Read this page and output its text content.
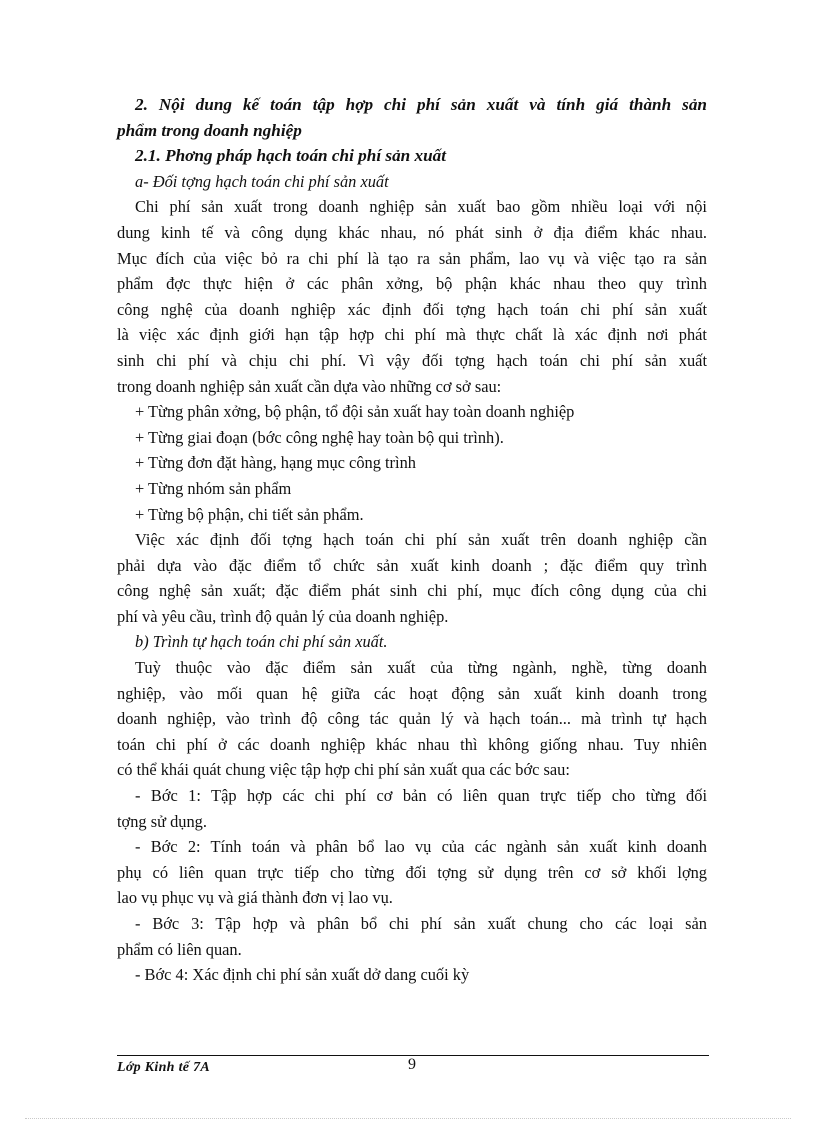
2. Nội dung kế toán tập hợp chi phí sản xuất và tính giá thành sản
phẩm trong doanh nghiệp
2.1. Phơng pháp hạch toán chi phí sản xuất
a- Đối tợng hạch toán chi phí sản xuất
Chi phí sản xuất trong doanh nghiệp sản xuất bao gồm nhiều loại với nội
dung kinh tế và công dụng khác nhau, nó phát sinh ở địa điểm khác nhau.
Mục đích của việc bỏ ra chi phí là tạo ra sản phẩm, lao vụ và việc tạo ra sản
phẩm đợc thực hiện ở các phân xởng, bộ phận khác nhau theo quy trình
công nghệ của doanh nghiệp xác định đối tợng hạch toán chi phí sản xuất
là việc xác định giới hạn tập hợp chi phí mà thực chất là xác định nơi phát
sinh chi phí và chịu chi phí. Vì vậy đối tợng hạch toán chi phí sản xuất
trong doanh nghiệp sản xuất cần dựa vào những cơ sở sau:
+ Từng phân xởng, bộ phận, tổ đội sản xuất hay toàn doanh nghiệp
+ Từng giai đoạn (bớc công nghệ hay toàn bộ qui trình).
+ Từng đơn đặt hàng, hạng mục công trình
+ Từng nhóm sản phẩm
+ Từng bộ phận, chi tiết sản phẩm.
Việc xác định đối tợng hạch toán chi phí sản xuất trên doanh nghiệp cần
phải dựa vào đặc điểm tổ chức sản xuất kinh doanh ; đặc điểm quy trình
công nghệ sản xuất; đặc điểm phát sinh chi phí, mục đích công dụng của chi
phí và yêu cầu, trình độ quản lý của doanh nghiệp.
b) Trình tự hạch toán chi phí sản xuất.
Tuỳ thuộc vào đặc điểm sản xuất của từng ngành, nghề, từng doanh
nghiệp, vào mối quan hệ giữa các hoạt động sản xuất kinh doanh trong
doanh nghiệp, vào trình độ công tác quản lý và hạch toán... mà trình tự hạch
toán chi phí ở các doanh nghiệp khác nhau thì không giống nhau. Tuy nhiên
có thể khái quát chung việc tập hợp chi phí sản xuất qua các bớc sau:
- Bớc 1: Tập hợp các chi phí cơ bản có liên quan trực tiếp cho từng đối
tợng sử dụng.
- Bớc 2: Tính toán và phân bổ lao vụ của các ngành sản xuất kinh doanh
phụ có liên quan trực tiếp cho từng đối tợng sử dụng trên cơ sở khối lợng
lao vụ phục vụ và giá thành đơn vị lao vụ.
- Bớc 3: Tập hợp và phân bổ chi phí sản xuất chung cho các loại sản
phẩm có liên quan.
- Bớc 4: Xác định chi phí sản xuất dở dang cuối kỳ
Lớp Kinh tế 7A	9
